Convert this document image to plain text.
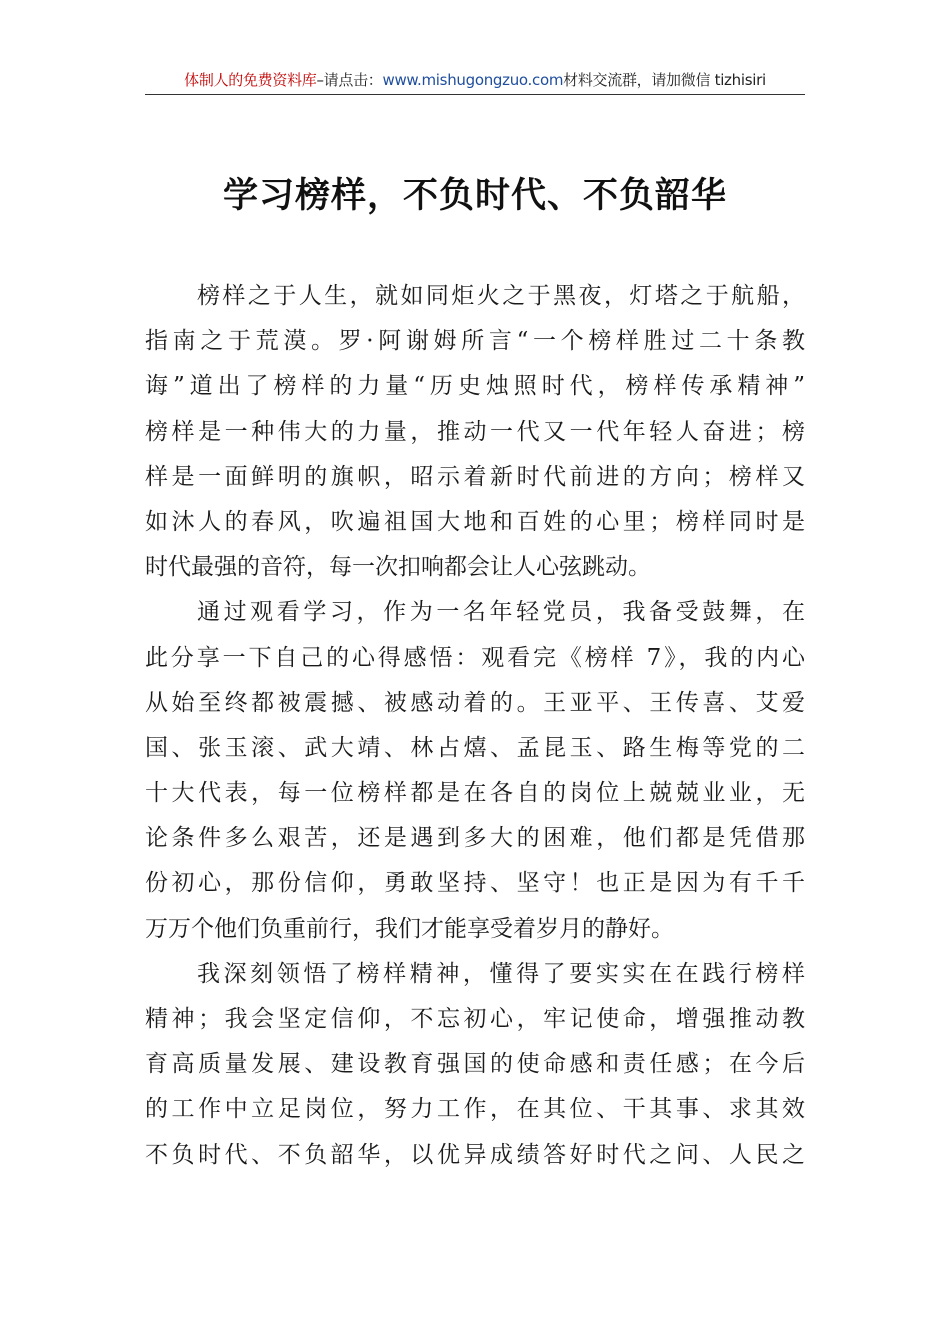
体制人的免费资料库–请点击：www.mishugongzuo.com材料交流群，请加微信 tizhisiri
学习榜样，不负时代、不负韶华
榜样之于人生，就如同炬火之于黑夜，灯塔之于航船，
指南之于荒漠。罗·阿谢姆所言“一个榜样胜过二十条教
诲”道出了榜样的力量“历史烛照时代，榜样传承精神”
榜样是一种伟大的力量，推动一代又一代年轻人奋进；榜
样是一面鲜明的旗帜，昭示着新时代前进的方向；榜样又
如沐人的春风，吹遍祖国大地和百姓的心里；榜样同时是
时代最强的音符，每一次扣响都会让人心弦跳动。
通过观看学习，作为一名年轻党员，我备受鼓舞，在
此分享一下自己的心得感悟：观看完《榜样 7》，我的内心
从始至终都被震撼、被感动着的。王亚平、王传喜、艾爱
国、张玉滚、武大靖、林占熺、孟昆玉、路生梅等党的二
十大代表，每一位榜样都是在各自的岗位上兢兢业业，无
论条件多么艰苦，还是遇到多大的困难，他们都是凭借那
份初心，那份信仰，勇敢坚持、坚守！也正是因为有千千
万万个他们负重前行，我们才能享受着岁月的静好。
我深刻领悟了榜样精神，懂得了要实实在在践行榜样
精神；我会坚定信仰，不忘初心，牢记使命，增强推动教
育高质量发展、建设教育强国的使命感和责任感；在今后
的工作中立足岗位，努力工作，在其位、干其事、求其效
不负时代、不负韶华，以优异成绩答好时代之问、人民之
